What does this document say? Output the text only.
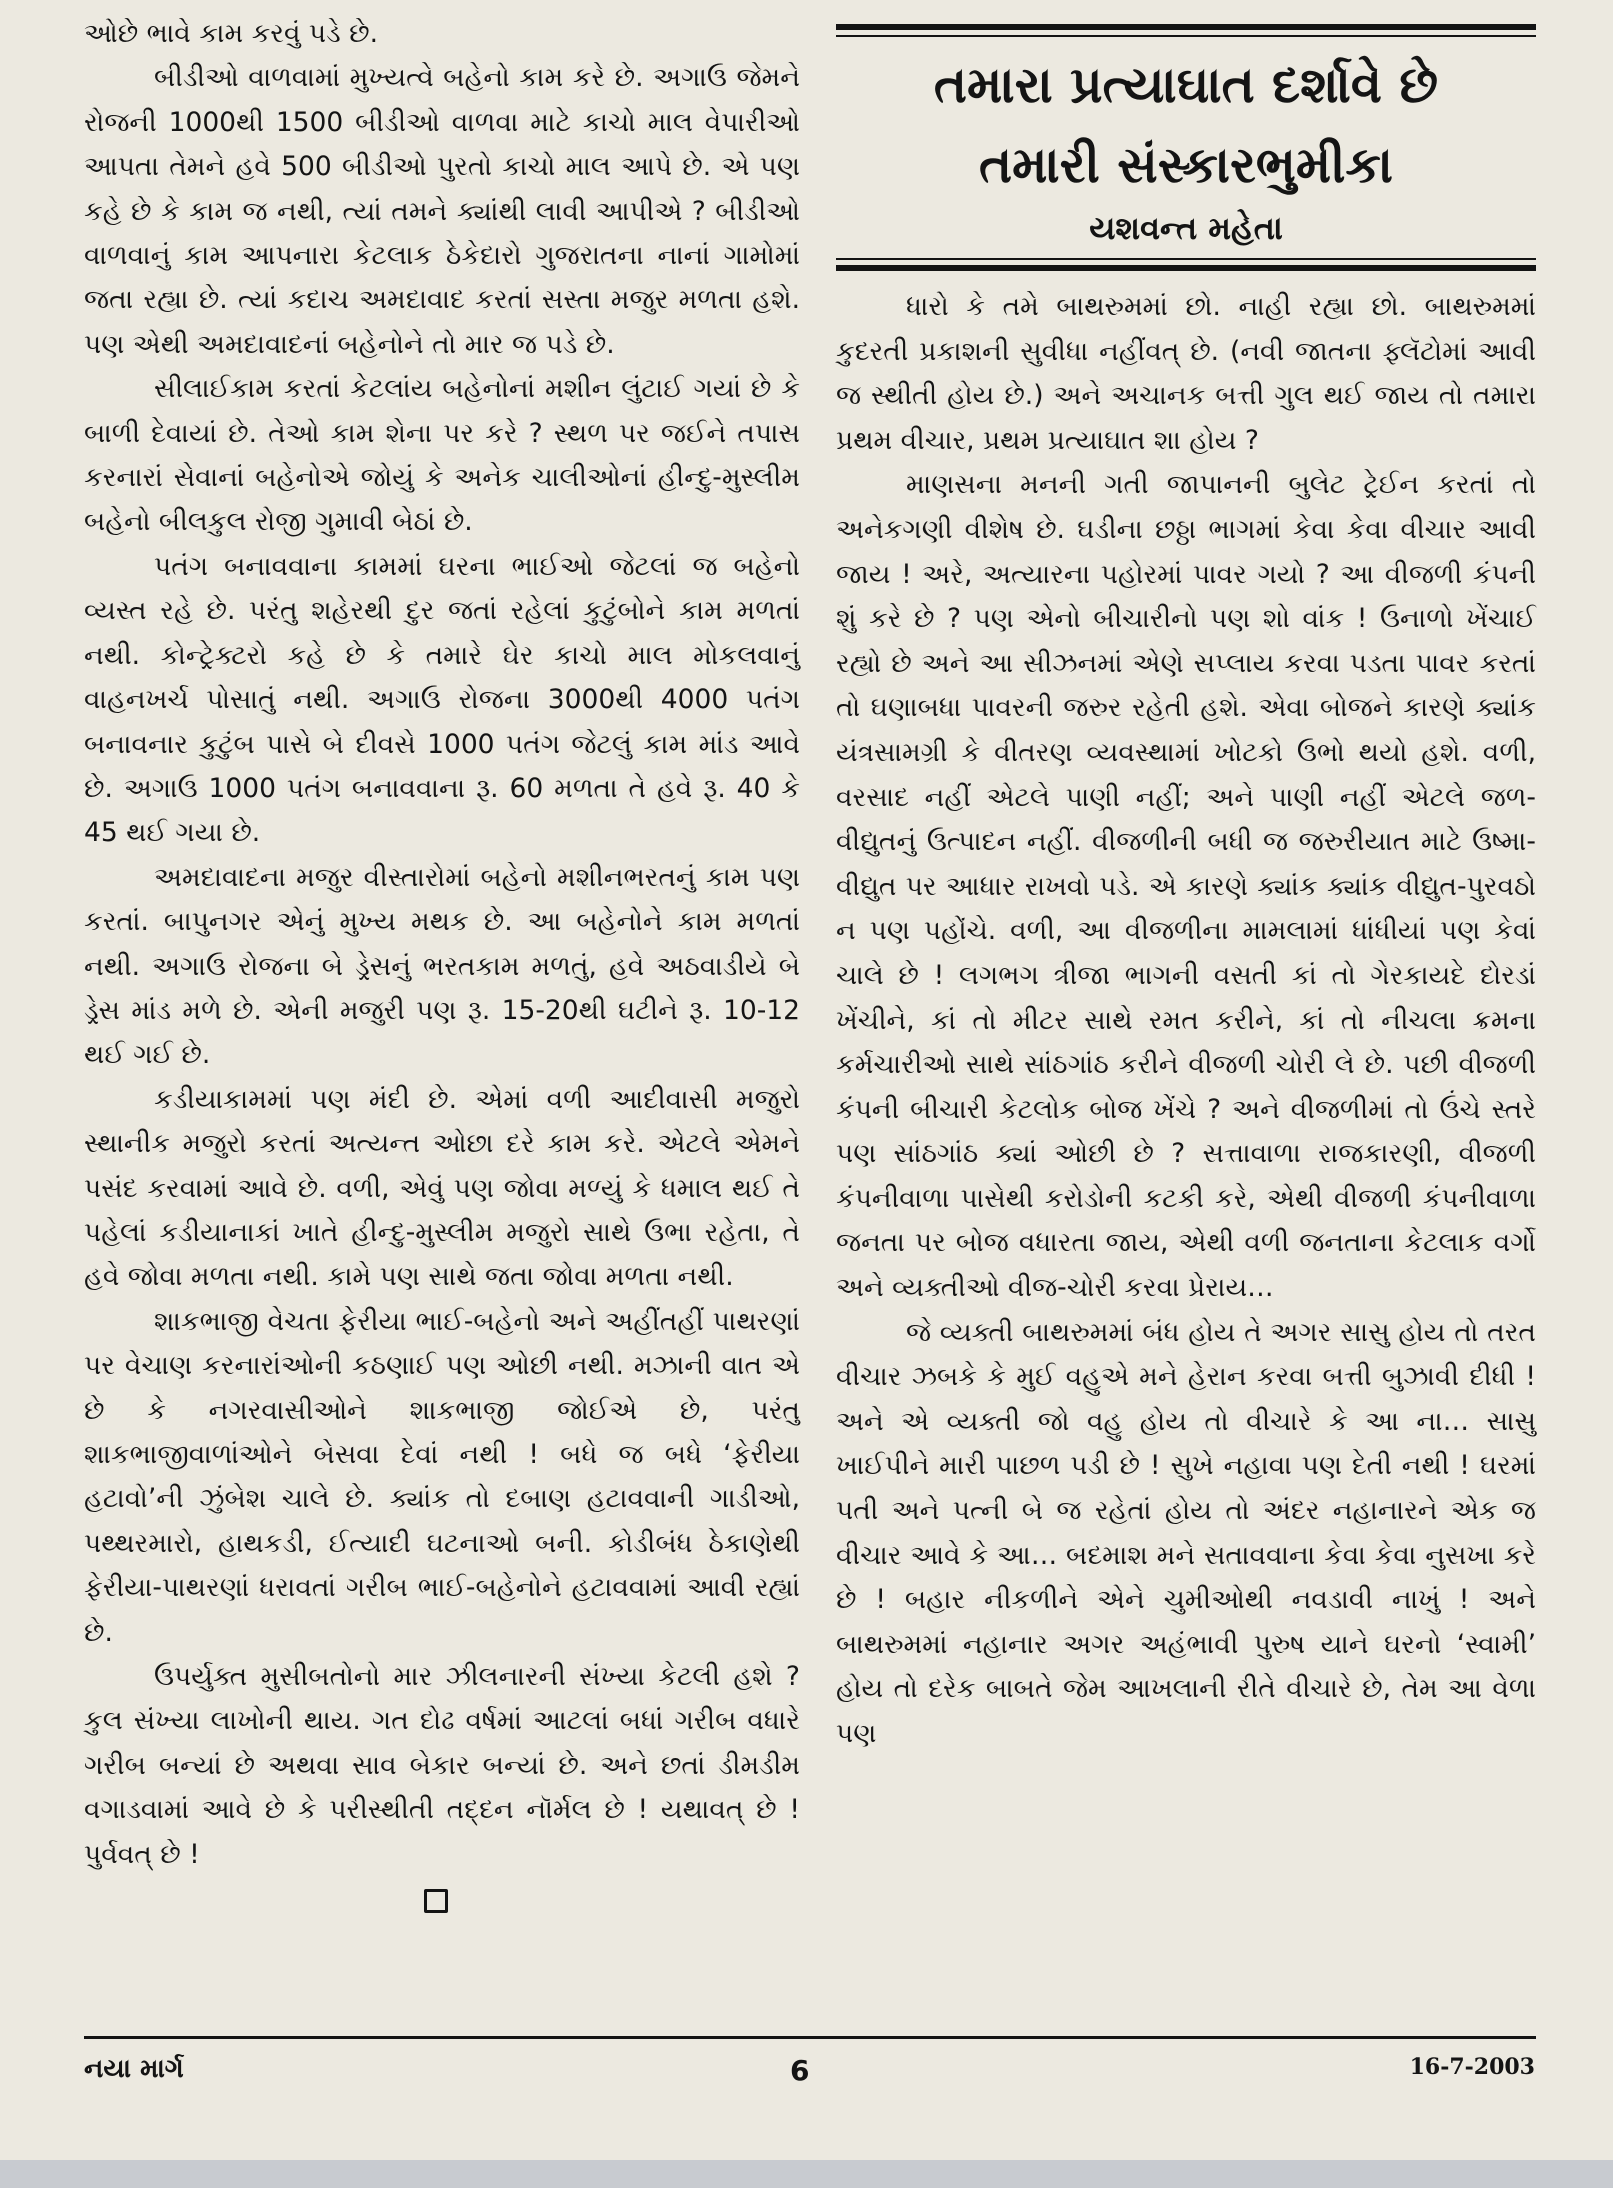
ઓછે ભાવે કામ કરવું પડે છે.

બીડીઓ વાળવામાં મુખ્યત્વે બહેનો કામ કરે છે. અગાઉ જેમને રોજની 1000થી 1500 બીડીઓ વાળવા માટે કાચો માલ વેપારીઓ આપતા તેમને હવે 500 બીડીઓ પુરતો કાચો માલ આપે છે. એ પણ કહે છે કે કામ જ નથી, ત્યાં તમને ક્યાંથી લાવી આપીએ ? બીડીઓ વાળવાનું કામ આપનારા કેટલાક ઠેકેદારો ગુજરાતના નાનાં ગામોમાં જતા રહ્યા છે. ત્યાં કદાચ અમદાવાદ કરતાં સસ્તા મજુર મળતા હશે. પણ એથી અમદાવાદનાં બહેનોને તો માર જ પડે છે.

સીલાઈકામ કરતાં કેટલાંય બહેનોનાં મશીન લુંટાઈ ગયાં છે કે બાળી દેવાયાં છે. તેઓ કામ શેના પર કરે ? સ્થળ પર જઈને તપાસ કરનારાં સેવાનાં બહેનોએ જોયું કે અનેક ચાલીઓનાં હીન્દુ-મુસ્લીમ બહેનો બીલકુલ રોજી ગુમાવી બેઠાં છે.

પતંગ બનાવવાના કામમાં ઘરના ભાઈઓ જેટલાં જ બહેનો વ્યસ્ત રહે છે. પરંતુ શહેરથી દુર જતાં રહેલાં કુટુંબોને કામ મળતાં નથી. કોન્ટ્રેક્ટરો કહે છે કે તમારે ઘેર કાચો માલ મોકલવાનું વાહનખર્ચ પોસાતું નથી. અગાઉ રોજના 3000થી 4000 પતંગ બનાવનાર કુટુંબ પાસે બે દીવસે 1000 પતંગ જેટલું કામ માંડ આવે છે. અગાઉ 1000 પતંગ બનાવવાના રૂ. 60 મળતા તે હવે રૂ. 40 કે 45 થઈ ગયા છે.

અમદાવાદના મજુર વીસ્તારોમાં બહેનો મશીનભરતનું કામ પણ કરતાં. બાપુનગર એનું મુખ્ય મથક છે. આ બહેનોને કામ મળતાં નથી. અગાઉ રોજના બે ડ્રેસનું ભરતકામ મળતું, હવે અઠવાડીયે બે ડ્રેસ માંડ મળે છે. એની મજુરી પણ રૂ. 15-20થી ઘટીને રૂ. 10-12 થઈ ગઈ છે.

કડીયાકામમાં પણ મંદી છે. એમાં વળી આદીવાસી મજુરો સ્થાનીક મજુરો કરતાં અત્યન્ત ઓછા દરે કામ કરે. એટલે એમને પસંદ કરવામાં આવે છે. વળી, એવું પણ જોવા મળ્યું કે ધમાલ થઈ તે પહેલાં કડીયાનાકાં ખાતે હીન્દુ-મુસ્લીમ મજુરો સાથે ઉભા રહેતા, તે હવે જોવા મળતા નથી. કામે પણ સાથે જતા જોવા મળતા નથી.

શાકભાજી વેચતા ફેરીયા ભાઈ-બહેનો અને અહીંતહીં પાથરણાં પર વેચાણ કરનારાંઓની કઠણાઈ પણ ઓછી નથી. મઝાની વાત એ છે કે નગરવાસીઓને શાકભાજી જોઈએ છે, પરંતુ શાકભાજીવાળાંઓને બેસવા દેવાં નથી ! બધે જ બધે ‘ફેરીયા હટાવો’ની ઝુંબેશ ચાલે છે. ક્યાંક તો દબાણ હટાવવાની ગાડીઓ, પથ્થરમારો, હાથકડી, ઈત્યાદી ઘટનાઓ બની. કોડીબંધ ઠેકાણેથી ફેરીયા-પાથરણાં ધરાવતાં ગરીબ ભાઈ-બહેનોને હટાવવામાં આવી રહ્યાં છે.

ઉપર્યુક્ત મુસીબતોનો માર ઝીલનારની સંખ્યા કેટલી હશે ? કુલ સંખ્યા લાખોની થાય. ગત દોઢ વર્ષમાં આટલાં બધાં ગરીબ વધારે ગરીબ બન્યાં છે અથવા સાવ બેકાર બન્યાં છે. અને છતાં ડીમડીમ વગાડવામાં આવે છે કે પરીસ્થીતી તદ્દન નૉર્મલ છે ! યથાવત્ છે ! પુર્વવત્ છે !

તમારા પ્રત્યાઘાત દર્શાવે છે
તમારી સંસ્કારભુમીકા
યશવન્ત મહેતા

ધારો કે તમે બાથરુમમાં છો. નાહી રહ્યા છો. બાથરુમમાં કુદરતી પ્રકાશની સુવીધા નહીંવત્ છે. (નવી જાતના ફ્લૅટોમાં આવી જ સ્થીતી હોય છે.) અને અચાનક બત્તી ગુલ થઈ જાય તો તમારા પ્રથમ વીચાર, પ્રથમ પ્રત્યાઘાત શા હોય ?

માણસના મનની ગતી જાપાનની બુલેટ ટ્રેઈન કરતાં તો અનેકગણી વીશેષ છે. ઘડીના છઠ્ઠા ભાગમાં કેવા કેવા વીચાર આવી જાય ! અરે, અત્યારના પહોરમાં પાવર ગયો ? આ વીજળી કંપની શું કરે છે ? પણ એનો બીચારીનો પણ શો વાંક ! ઉનાળો ખેંચાઈ રહ્યો છે અને આ સીઝનમાં એણે સપ્લાય કરવા પડતા પાવર કરતાં તો ઘણાબધા પાવરની જરુર રહેતી હશે. એવા બોજને કારણે ક્યાંક યંત્રસામગ્રી કે વીતરણ વ્યવસ્થામાં ખોટકો ઉભો થયો હશે. વળી, વરસાદ નહીં એટલે પાણી નહીં; અને પાણી નહીં એટલે જળ-વીદ્યુતનું ઉત્પાદન નહીં. વીજળીની બધી જ જરુરીયાત માટે ઉષ્મા-વીદ્યુત પર આધાર રાખવો પડે. એ કારણે ક્યાંક ક્યાંક વીદ્યુત-પુરવઠો ન પણ પહોંચે. વળી, આ વીજળીના મામલામાં ધાંધીયાં પણ કેવાં ચાલે છે ! લગભગ ત્રીજા ભાગની વસતી કાં તો ગેરકાયદે દોરડાં ખેંચીને, કાં તો મીટર સાથે રમત કરીને, કાં તો નીચલા ક્રમના કર્મચારીઓ સાથે સાંઠગાંઠ કરીને વીજળી ચોરી લે છે. પછી વીજળી કંપની બીચારી કેટલોક બોજ ખેંચે ? અને વીજળીમાં તો ઉંચે સ્તરે પણ સાંઠગાંઠ ક્યાં ઓછી છે ? સત્તાવાળા રાજકારણી, વીજળી કંપનીવાળા પાસેથી કરોડોની કટકી કરે, એથી વીજળી કંપનીવાળા જનતા પર બોજ વધારતા જાય, એથી વળી જનતાના કેટલાક વર્ગો અને વ્યક્તીઓ વીજ-ચોરી કરવા પ્રેરાય…

જે વ્યક્તી બાથરુમમાં બંધ હોય તે અગર સાસુ હોય તો તરત વીચાર ઝબકે કે મુઈ વહુએ મને હેરાન કરવા બત્તી બુઝાવી દીધી ! અને એ વ્યક્તી જો વહુ હોય તો વીચારે કે આ ના… સાસુ ખાઈપીને મારી પાછળ પડી છે ! સુખે નહાવા પણ દેતી નથી ! ઘરમાં પતી અને પત્ની બે જ રહેતાં હોય તો અંદર નહાનારને એક જ વીચાર આવે કે આ… બદમાશ મને સતાવવાના કેવા કેવા નુસખા કરે છે ! બહાર નીકળીને એને ચુમીઓથી નવડાવી નાખું ! અને બાથરુમમાં નહાનાર અગર અહંભાવી પુરુષ યાને ઘરનો ‘સ્વામી’ હોય તો દરેક બાબતે જેમ આખલાની રીતે વીચારે છે, તેમ આ વેળા પણ

નયા માર્ગ	6	16-7-2003
